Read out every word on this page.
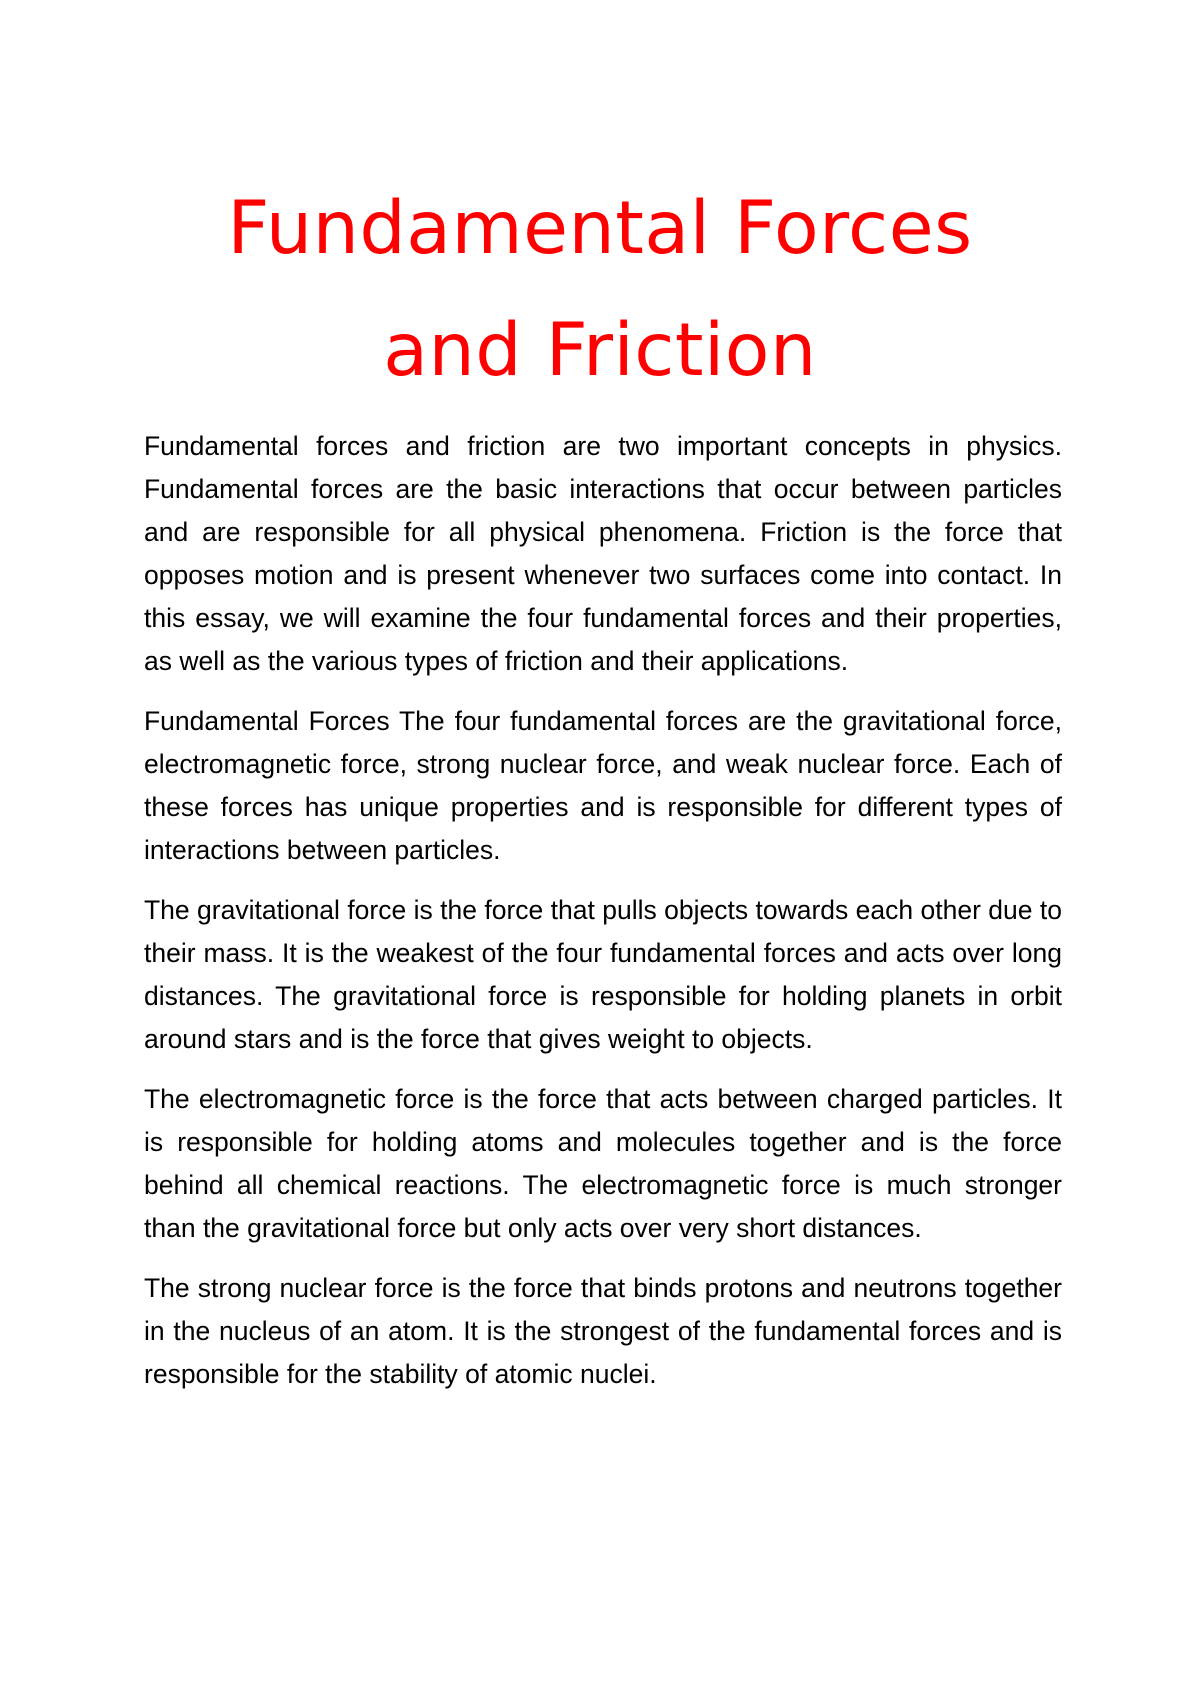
Fundamental Forces
and Friction

Fundamental forces and friction are two important concepts in physics. Fundamental forces are the basic interactions that occur between particles and are responsible for all physical phenomena. Friction is the force that opposes motion and is present whenever two surfaces come into contact. In this essay, we will examine the four fundamental forces and their properties, as well as the various types of friction and their applications.

Fundamental Forces The four fundamental forces are the gravitational force, electromagnetic force, strong nuclear force, and weak nuclear force. Each of these forces has unique properties and is responsible for different types of interactions between particles.

The gravitational force is the force that pulls objects towards each other due to their mass. It is the weakest of the four fundamental forces and acts over long distances. The gravitational force is responsible for holding planets in orbit around stars and is the force that gives weight to objects.

The electromagnetic force is the force that acts between charged particles. It is responsible for holding atoms and molecules together and is the force behind all chemical reactions. The electromagnetic force is much stronger than the gravitational force but only acts over very short distances.

The strong nuclear force is the force that binds protons and neutrons together in the nucleus of an atom. It is the strongest of the fundamental forces and is responsible for the stability of atomic nuclei.
